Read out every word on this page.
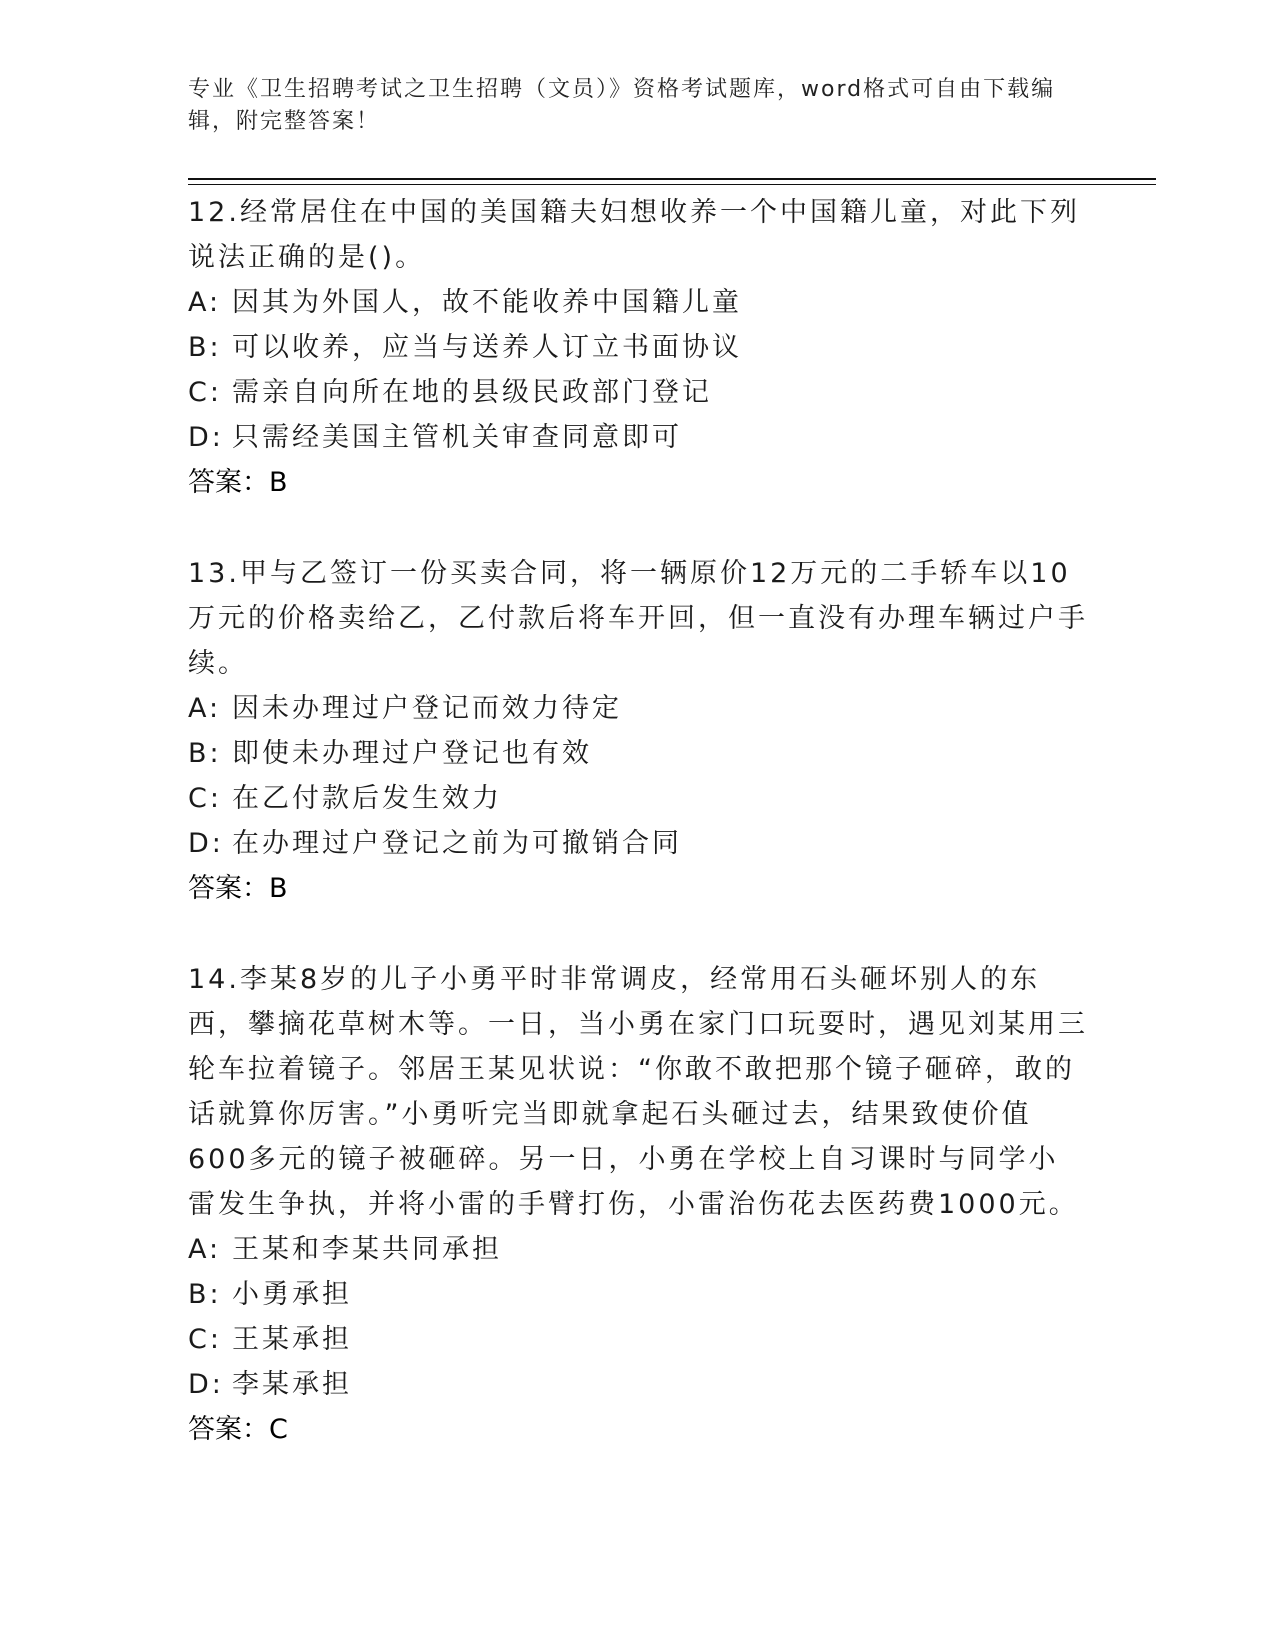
专业《卫生招聘考试之卫生招聘（文员）》资格考试题库，word格式可自由下载编辑，附完整答案！
12.经常居住在中国的美国籍夫妇想收养一个中国籍儿童，对此下列说法正确的是()。
A: 因其为外国人，故不能收养中国籍儿童
B: 可以收养，应当与送养人订立书面协议
C: 需亲自向所在地的县级民政部门登记
D: 只需经美国主管机关审查同意即可
答案：B
13.甲与乙签订一份买卖合同，将一辆原价12万元的二手轿车以10万元的价格卖给乙，乙付款后将车开回，但一直没有办理车辆过户手续。
A: 因未办理过户登记而效力待定
B: 即使未办理过户登记也有效
C: 在乙付款后发生效力
D: 在办理过户登记之前为可撤销合同
答案：B
14.李某8岁的儿子小勇平时非常调皮，经常用石头砸坏别人的东西，攀摘花草树木等。一日，当小勇在家门口玩耍时，遇见刘某用三轮车拉着镜子。邻居王某见状说：“你敢不敢把那个镜子砸碎，敢的话就算你厉害。”小勇听完当即就拿起石头砸过去，结果致使价值600多元的镜子被砸碎。另一日，小勇在学校上自习课时与同学小雷发生争执，并将小雷的手臂打伤，小雷治伤花去医药费1000元。
A: 王某和李某共同承担
B: 小勇承担
C: 王某承担
D: 李某承担
答案：C
